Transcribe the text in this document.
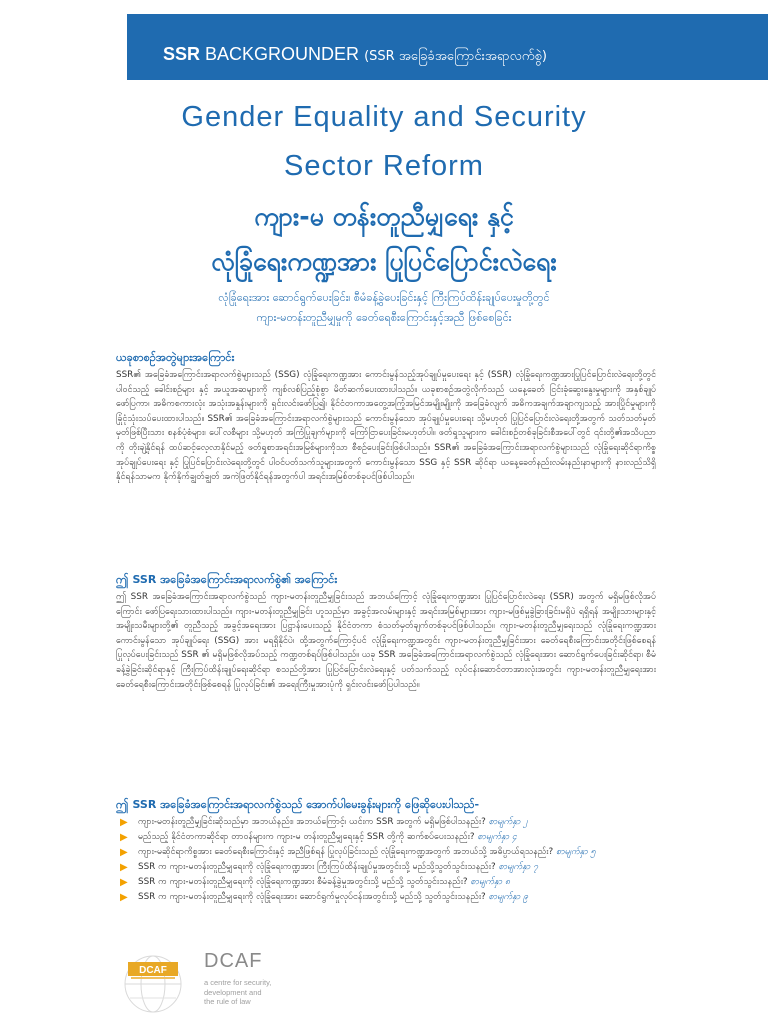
SSR BACKGROUNDER (SSR အခြေခံအကြောင်းအရာလက်စွဲ)
Gender Equality and Security
Sector Reform
ကျား-မ တန်းတူညီမျှရေး နှင့်
လုံခြုံရေးကဏ္ဍအား ပြုပြင်ပြောင်းလဲရေး
လုံခြုံရေးအား ဆောင်ရွက်ပေးခြင်း၊ စီမံခန့်ခွဲပေးခြင်းနှင့် ကြီးကြပ်ထိန်းချုပ်ပေးမှုတို့တွင်
ကျား-မတန်းတူညီမျှမှုကို ခေတ်ရေစီးကြောင်းနှင့်အညီ ဖြစ်စေခြင်း
ယခုစာစဉ်အတွဲများအကြောင်း
SSR၏ အခြေခံအကြောင်းအရာလက်စွဲများသည် (SSG) လုံခြုံရေးကဏ္ဍအား ကောင်းမွန်သည့်အုပ်ချုပ်မှုပေးရေး နှင့် (SSR) လုံခြုံရေးကဏ္ဍအားပြုပြင်ပြောင်းလဲရေးတို့တွင် ပါဝင်သည့် ခေါင်းစဉ်များ နှင့် အယူအဆများကို ကျစ်လစ်ပြည့်စုံစွာ မိတ်ဆက်ပေးထားပါသည်။ ယခုစာစဉ်အတွဲလိုက်သည် ယနေ့ခေတ် ငြင်းခုံဆွေးနွေးမှုများကို အနှစ်ချုပ်ဖော်ပြကာ၊ အဓိကစကားလုံး အသုံးအနှုန်းများကို ရှင်းလင်းဖော်ပြ၍၊ နိုင်ငံတကာအတွေ့အကြုံအမြင်အမျိုးမျိုးကို အခြေခံလျက် အဓိကအချက်အချာကျသည့် အားပြိုင်မှုများကို ခြုံငုံသုံးသပ်ပေးထားပါသည်။ SSR၏ အခြေခံအကြောင်းအရာလက်စွဲများသည် ကောင်းမွန်သော အုပ်ချုပ်မှုပေးရေး သို့မဟုတ် ပြုပြင်ပြောင်းလဲရေးတို့အတွက် သတ်သတ်မှတ်မှတ်ဖြစ်ပြီးသား စနစ်ပုံစံများ၊ ပေါ်လစီများ သို့မဟုတ် အကြံပြုချက်များကို ကြော်ငြာပေးခြင်းမဟုတ်ပါ။ ဖတ်ရှုသူများက ခေါင်းစဉ်တစ်ခုခြင်းစီအပေါ်တွင် ၎င်းတို့၏အသိပညာကို တိုးချဲ့နိုင်ရန် ထပ်ဆင့်လေ့လာနိုင်မည့် ဖတ်ရှုစာအရင်းအမြစ်များကိုသာ စီစဉ်ပေးခြင်းဖြစ်ပါသည်။ SSR၏ အခြေခံအကြောင်းအရာလက်စွဲများသည် လုံခြုံရေးဆိုင်ရာကိစ္စ အုပ်ချုပ်ပေးရေး နှင့် ပြုပြင်ပြောင်းလဲရေးတို့တွင် ပါဝင်ပတ်သက်သူများအတွက် ကောင်းမွန်သော SSG နှင့် SSR ဆိုင်ရာ ယနေ့ခေတ်နည်းလမ်းနည်းနာများကို နားလည်သိရှိနိုင်ရန်သာမက နိုက်နိုက်ချွတ်ချွတ် အကဲဖြတ်နိုင်ရန်အတွက်ပါ အရင်းအမြစ်တစ်ခုပင်ဖြစ်ပါသည်။
ဤ SSR အခြေခံအကြောင်းအရာလက်စွဲ၏ အကြောင်း
ဤ SSR အခြေခံအကြောင်းအရာလက်စွဲသည် ကျား-မတန်းတူညီမျှခြင်းသည် အဘယ်ကြောင့် လုံခြုံရေးကဏ္ဍအား ပြုပြင်ပြောင်းလဲရေး (SSR) အတွက် မရှိမဖြစ်လိုအပ်ကြောင်း ဖော်ပြရေးသားထားပါသည်။ ကျား-မတန်းတူညီမျှခြင်း ဟူသည်မှာ အခွင့်အလမ်းများနှင့် အရင်းအမြစ်များအား ကျား-မဖြစ်မှုခွဲခြားခြင်းမရှိပဲ ရရှိရန် အမျိုးသားများနှင့် အမျိုးသမီးများတို့၏ တူညီသည့် အခွင့်အရေးအား ပြဋ္ဌာန်းပေးသည့် နိုင်ငံတကာ စံသတ်မှတ်ချက်တစ်ခုပင်ဖြစ်ပါသည်။ ကျား-မတန်းတူညီမျှရေးသည် လုံခြုံရေးကဏ္ဍအား ကောင်းမွန်သော အုပ်ချုပ်ရေး (SSG) အား မရရှိနိုင်ပဲ၊ ထို့အတွက်ကြောင့်ပင် လုံခြုံရေးကဏ္ဍအတွင်း ကျား-မတန်းတူညီမျှခြင်းအား ခေတ်ရေစီးကြောင်းအတိုင်းဖြစ်စေရန် ပြုလုပ်ပေးခြင်းသည် SSR ၏ မရှိမဖြစ်လိုအပ်သည့် ကဏ္ဍတစ်ရပ်ဖြစ်ပါသည်။ ယခု SSR အခြေခံအကြောင်းအရာလက်စွဲသည် လုံခြုံရေးအား ဆောင်ရွက်ပေးခြင်းဆိုင်ရာ၊ စီမံခန့်ခွဲခြင်းဆိုင်ရာနှင့် ကြီးကြပ်ထိန်းချုပ်ရေးဆိုင်ရာ စသည်တို့အား ပြုပြင်ပြောင်းလဲရေးနှင့် ပတ်သက်သည့် လုပ်ငန်းဆောင်တာအားလုံးအတွင်း ကျား-မတန်းတူညီမျှရေးအား ခေတ်ရေစီးကြောင်းအတိုင်းဖြစ်စေရန် ပြုလုပ်ခြင်း၏ အရေးကြီးမှုအားပုံကို ရှင်းလင်းဖော်ပြပါသည်။
ဤ SSR အခြေခံအကြောင်းအရာလက်စွဲသည် အောက်ပါမေးခွန်းများကို ဖြေဆိုပေးပါသည်-
▶ ကျား-မတန်းတူညီမျှခြင်းဆိုသည်မှာ အဘယ်နည်း၊ အဘယ်ကြောင့်၊ ယင်းက SSR အတွက် မရှိမဖြစ်ပါသနည်း? စာမျက်နှာ ၂
▶ မည်သည့် နိုင်ငံတကာဆိုင်ရာ တာဝန်များက ကျား-မ တန်းတူညီမျှရေးနှင့် SSR တို့ကို ဆက်စပ်ပေးသနည်း? စာမျက်နှာ ၄
▶ ကျား-မဆိုင်ရာကိစ္စအား ခေတ်ရေစီးကြောင်းနှင့် အညီဖြစ်ရန် ပြုလုပ်ခြင်းသည် လုံခြုံရေးကဏ္ဍအတွက် အဘယ်သို့ အဓိပ္ပာယ်ရသနည်း? စာမျက်နှာ ၅
▶ SSR က ကျား-မတန်းတူညီမျှရေးကို လုံခြုံရေးကဏ္ဍအား ကြီးကြပ်ထိန်းချုပ်မှုအတွင်းသို့ မည်သို့သွတ်သွင်းသနည်း? စာမျက်နှာ ၇
▶ SSR က ကျား-မတန်းတူညီမျှရေးကို လုံခြုံရေးကဏ္ဍအား စီမံခန့်ခွဲမှုအတွင်းသို့ မည်သို့ သွတ်သွင်းသနည်း? စာမျက်နှာ ၈
▶ SSR က ကျား-မတန်းတူညီမျှရေးကို လုံခြုံရေးအား ဆောင်ရွက်မှုလုပ်ငန်းအတွင်းသို့ မည်သို့ သွတ်သွင်းသနည်း? စာမျက်နှာ ၉
DCAF DCAF
a centre for security, development and the rule of law
